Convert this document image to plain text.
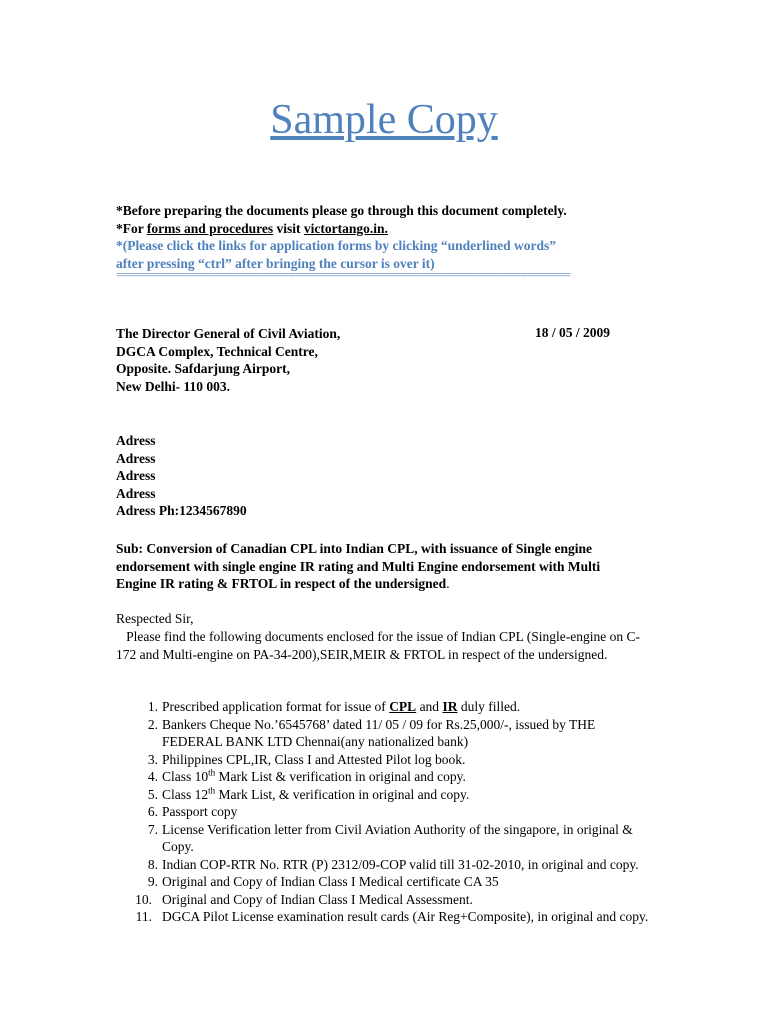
Sample Copy
*Before preparing the documents please go through this document completely.
*For forms and procedures visit victortango.in.
*(Please click the links for application forms by clicking “underlined words”
after pressing “ctrl” after bringing the cursor is over it)
==========================================================================
The Director General of Civil Aviation,
DGCA Complex, Technical Centre,
Opposite. Safdarjung Airport,
New Delhi- 110 003.
18 / 05 / 2009
Adress
Adress
Adress
Adress
Adress Ph:1234567890
Sub: Conversion of Canadian CPL into Indian CPL, with issuance of Single engine endorsement with single engine IR rating and Multi Engine endorsement with Multi Engine IR rating & FRTOL in respect of the undersigned.
Respected Sir,
Please find the following documents enclosed for the issue of Indian CPL (Single-engine on C-172 and Multi-engine on PA-34-200),SEIR,MEIR & FRTOL in respect of the undersigned.
1. Prescribed application format for issue of CPL and IR duly filled.
2. Bankers Cheque No.’6545768’ dated 11/ 05 / 09 for Rs.25,000/-, issued by THE FEDERAL BANK LTD Chennai(any nationalized bank)
3. Philippines CPL,IR, Class I and Attested Pilot log book.
4. Class 10th Mark List & verification in original and copy.
5. Class 12th Mark List, & verification in original and copy.
6. Passport copy
7. License Verification letter from Civil Aviation Authority of the singapore, in original & Copy.
8. Indian COP-RTR No. RTR (P) 2312/09-COP valid till 31-02-2010, in original and copy.
9. Original and Copy of Indian Class I Medical certificate CA 35
10. Original and Copy of Indian Class I Medical Assessment.
11. DGCA Pilot License examination result cards (Air Reg+Composite), in original and copy.
